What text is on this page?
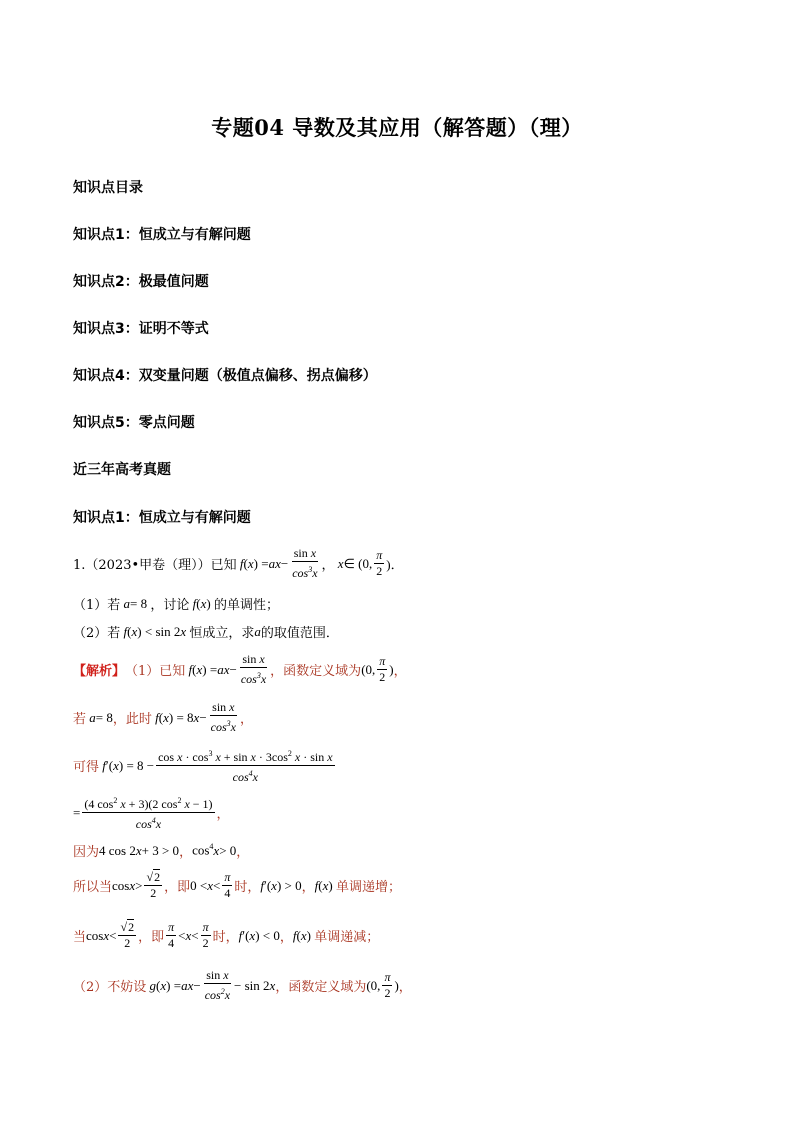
专题04 导数及其应用（解答题）（理）
知识点目录
知识点1：恒成立与有解问题
知识点2：极最值问题
知识点3：证明不等式
知识点4：双变量问题（极值点偏移、拐点偏移）
知识点5：零点问题
近三年高考真题
知识点1：恒成立与有解问题
1.（2023•甲卷（理））已知 f ( x ) = ax − $\frac{\text{sin x}}{\cos^3x}$ ， x ∈ (0, $\frac{\pi}{2}$ )．
（1）若 a = 8 ，讨论 f ( x ) 的单调性；
（2）若 f ( x ) < sin 2 x
恒成立，求 a 的取值范围．
【解析】 （1）已知 f ( x ) = ax − $\frac{\text{sin x}}{\cos^3x}$ ，函数定义域为 (0, $\frac{\pi}{2}$ ) ，
若 a = 8 ，此时 f ( x ) = 8 $x - \frac{\text{sin x}}{\cos^3x}$ ，
可得 f ′( x ) = $8 - \frac{\cos x \cdot \cos^3 x + \sin x \cdot 3\cos^2 x \cdot \sin x}{\cos^4x}$
= $\frac{(4 \cos^2 x + 3)(2 \cos^2 x - 1)}{\cos^4x}$ ，
因为 4 cos 2 x + 3 > 0 ， $\cos^4 x > 0$ ，
所以当 $\cos x > \frac{√2}{2}$ ，即 $0 < x < \frac{\pi}{4}$ 时， f ′( x ) > 0 ， f ( x ) 单调递增；
当 $\cos x < \frac{√2}{2}$ ，即 $\frac{\pi}{4} < x < \frac{\pi}{2}$ 时， f ′( x ) < 0 ， f ( x ) 单调递减；
（2）不妨设 g ( x ) = ax − $\frac{\text{sin x}}{\cos^2x} - \sin 2$ x ，函数定义域为 (0, $\frac{\pi}{2}$ ) ，
